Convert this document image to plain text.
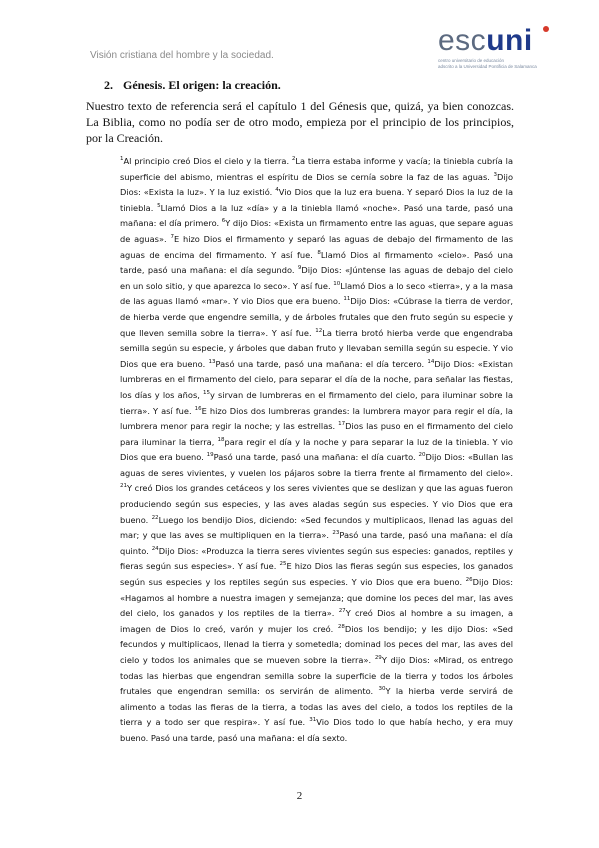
Visión cristiana del hombre y la sociedad.	escuni
centro universitario de educación
adscrito a la Universidad Pontificia de Salamanca
2. Génesis. El origen: la creación.
Nuestro texto de referencia será el capítulo 1 del Génesis que, quizá, ya bien conozcas. La Biblia, como no podía ser de otro modo, empieza por el principio de los principios, por la Creación.
$^1$Al principio creó Dios el cielo y la tierra. $^2$La tierra estaba informe y vacía; la tiniebla cubría la superficie del abismo, mientras el espíritu de Dios se cernía sobre la faz de las aguas. $^3$Dijo Dios: «Exista la luz». Y la luz existió. $^4$Vio Dios que la luz era buena. Y separó Dios la luz de la tiniebla. $^5$Llamó Dios a la luz «día» y a la tiniebla llamó «noche». Pasó una tarde, pasó una mañana: el día primero. $^6$Y dijo Dios: «Exista un firmamento entre las aguas, que separe aguas de aguas». $^7$E hizo Dios el firmamento y separó las aguas de debajo del firmamento de las aguas de encima del firmamento. Y así fue. $^8$Llamó Dios al firmamento «cielo». Pasó una tarde, pasó una mañana: el día segundo. $^9$Dijo Dios: «Júntense las aguas de debajo del cielo en un solo sitio, y que aparezca lo seco». Y así fue. $^{10}$Llamó Dios a lo seco «tierra», y a la masa de las aguas llamó «mar». Y vio Dios que era bueno. $^{11}$Dijo Dios: «Cúbrase la tierra de verdor, de hierba verde que engendre semilla, y de árboles frutales que den fruto según su especie y que lleven semilla sobre la tierra». Y así fue. $^{12}$La tierra brotó hierba verde que engendraba semilla según su especie, y árboles que daban fruto y llevaban semilla según su especie. Y vio Dios que era bueno. $^{13}$Pasó una tarde, pasó una mañana: el día tercero. $^{14}$Dijo Dios: «Existan lumbreras en el firmamento del cielo, para separar el día de la noche, para señalar las fiestas, los días y los años, $^{15}$y sirvan de lumbreras en el firmamento del cielo, para iluminar sobre la tierra». Y así fue. $^{16}$E hizo Dios dos lumbreras grandes: la lumbrera mayor para regir el día, la lumbrera menor para regir la noche; y las estrellas. $^{17}$Dios las puso en el firmamento del cielo para iluminar la tierra, $^{18}$para regir el día y la noche y para separar la luz de la tiniebla. Y vio Dios que era bueno. $^{19}$Pasó una tarde, pasó una mañana: el día cuarto. $^{20}$Dijo Dios: «Bullan las aguas de seres vivientes, y vuelen los pájaros sobre la tierra frente al firmamento del cielo». $^{21}$Y creó Dios los grandes cetáceos y los seres vivientes que se deslizan y que las aguas fueron produciendo según sus especies, y las aves aladas según sus especies. Y vio Dios que era bueno. $^{22}$Luego los bendijo Dios, diciendo: «Sed fecundos y multiplicaos, llenad las aguas del mar; y que las aves se multipliquen en la tierra». $^{23}$Pasó una tarde, pasó una mañana: el día quinto. $^{24}$Dijo Dios: «Produzca la tierra seres vivientes según sus especies: ganados, reptiles y fieras según sus especies». Y así fue. $^{25}$E hizo Dios las fieras según sus especies, los ganados según sus especies y los reptiles según sus especies. Y vio Dios que era bueno. $^{26}$Dijo Dios: «Hagamos al hombre a nuestra imagen y semejanza; que domine los peces del mar, las aves del cielo, los ganados y los reptiles de la tierra». $^{27}$Y creó Dios al hombre a su imagen, a imagen de Dios lo creó, varón y mujer los creó. $^{28}$Dios los bendijo; y les dijo Dios: «Sed fecundos y multiplicaos, llenad la tierra y sometedla; dominad los peces del mar, las aves del cielo y todos los animales que se mueven sobre la tierra». $^{29}$Y dijo Dios: «Mirad, os entrego todas las hierbas que engendran semilla sobre la superficie de la tierra y todos los árboles frutales que engendran semilla: os servirán de alimento. $^{30}$Y la hierba verde servirá de alimento a todas las fieras de la tierra, a todas las aves del cielo, a todos los reptiles de la tierra y a todo ser que respira». Y así fue. $^{31}$Vio Dios todo lo que había hecho, y era muy bueno. Pasó una tarde, pasó una mañana: el día sexto.
2
